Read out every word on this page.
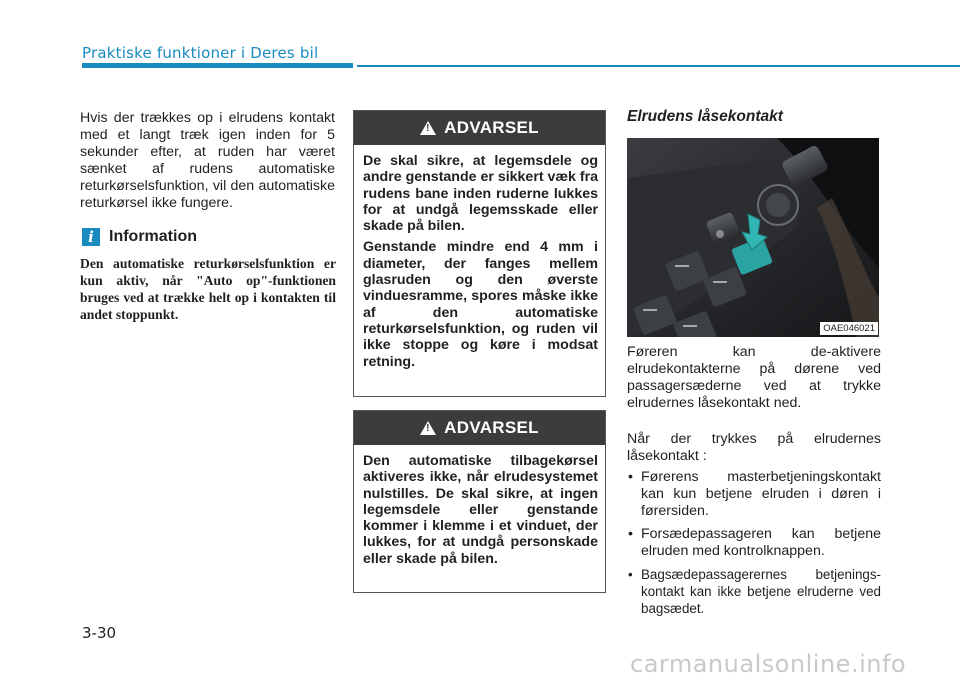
Praktiske funktioner i Deres bil

Hvis der trækkes op i elrudens kontakt med et langt træk igen inden for 5 sekunder efter, at ruden har været sænket af rudens automatiske returkørselsfunktion, vil den automatiske returkørsel ikke fungere.

i Information
Den automatiske returkørselsfunktion er kun aktiv, når "Auto op"-funktionen bruges ved at trække helt op i kontakten til andet stoppunkt.
! ADVARSEL

De skal sikre, at legemsdele og andre genstande er sikkert væk fra rudens bane inden ruderne lukkes for at undgå legemsskade eller skade på bilen.

Genstande mindre end 4 mm i diameter, der fanges mellem glasruden og den øverste vinduesramme, spores måske ikke af den automatiske returkørselsfunktion, og ruden vil ikke stoppe og køre i modsat retning.

! ADVARSEL

Den automatiske tilbagekørsel aktiveres ikke, når elrudesystemet nulstilles. De skal sikre, at ingen legemsdele eller genstande kommer i klemme i et vinduet, der lukkes, for at undgå personskade eller skade på bilen.

Elrudens låsekontakt
OAE046021

Føreren kan de-aktivere elrudekontakterne på dørene ved passagersæderne ved at trykke elrudernes låsekontakt ned.

Når der trykkes på elrudernes låsekontakt :

• Førerens masterbetjeningskontakt kan kun betjene elruden i døren i førersiden.
• Forsædepassageren kan betjene elruden med kontrolknappen.
• Bagsædepassagerernes betjenings-kontakt kan ikke betjene elruderne ved bagsædet.
3-30
carmanualsonline.info
